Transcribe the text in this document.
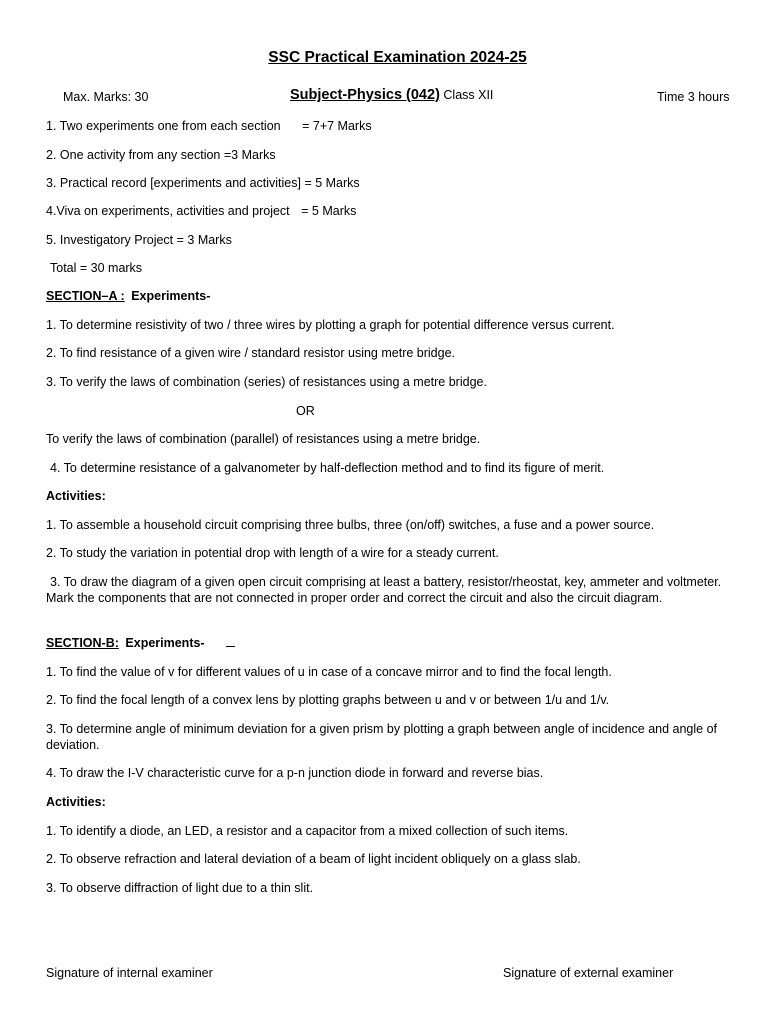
SSC Practical Examination 2024-25
Max. Marks: 30	Subject-Physics (042) Class XII	Time 3 hours
1. Two experiments one from each section = 7+7 Marks
2. One activity from any section =3 Marks
3. Practical record [experiments and activities] = 5 Marks
4.Viva on experiments, activities and project = 5 Marks
5. Investigatory Project = 3 Marks
Total = 30 marks
SECTION–A : Experiments-
1. To determine resistivity of two / three wires by plotting a graph for potential difference versus current.
2. To find resistance of a given wire / standard resistor using metre bridge.
3. To verify the laws of combination (series) of resistances using a metre bridge.
OR
To verify the laws of combination (parallel) of resistances using a metre bridge.
4. To determine resistance of a galvanometer by half-deflection method and to find its figure of merit.
Activities:
1. To assemble a household circuit comprising three bulbs, three (on/off) switches, a fuse and a power source.
2. To study the variation in potential drop with length of a wire for a steady current.
3. To draw the diagram of a given open circuit comprising at least a battery, resistor/rheostat, key, ammeter and voltmeter. Mark the components that are not connected in proper order and correct the circuit and also the circuit diagram.
SECTION-B: Experiments-
1. To find the value of v for different values of u in case of a concave mirror and to find the focal length.
2. To find the focal length of a convex lens by plotting graphs between u and v or between 1/u and 1/v.
3. To determine angle of minimum deviation for a given prism by plotting a graph between angle of incidence and angle of deviation.
4. To draw the I-V characteristic curve for a p-n junction diode in forward and reverse bias.
Activities:
1. To identify a diode, an LED, a resistor and a capacitor from a mixed collection of such items.
2. To observe refraction and lateral deviation of a beam of light incident obliquely on a glass slab.
3. To observe diffraction of light due to a thin slit.
Signature of internal examiner	Signature of external examiner
